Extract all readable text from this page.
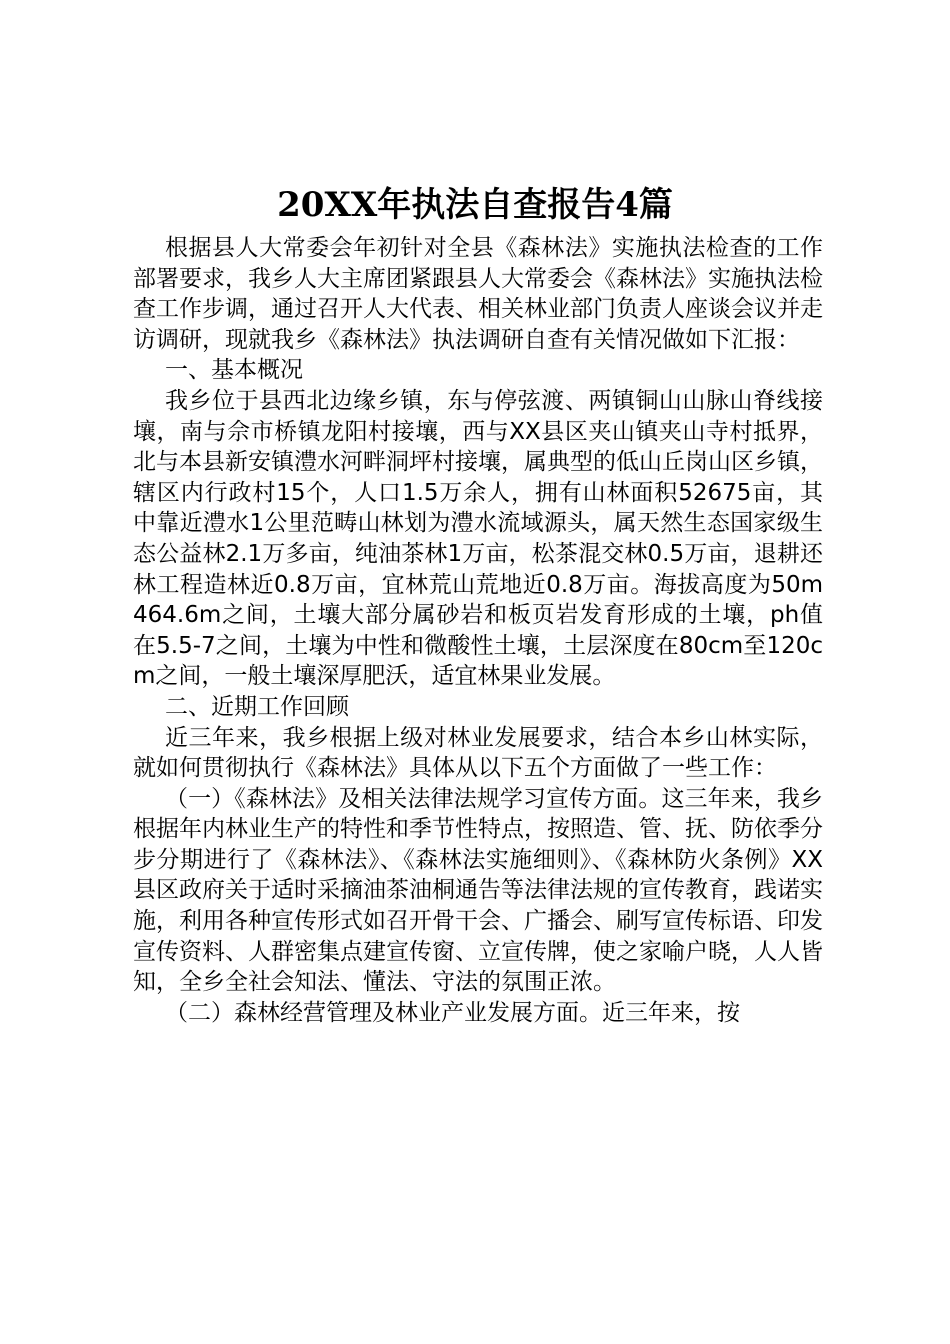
20XX年执法自查报告4篇

根据县人大常委会年初针对全县《森林法》实施执法检查的工作部署要求，我乡人大主席团紧跟县人大常委会《森林法》实施执法检查工作步调，通过召开人大代表、相关林业部门负责人座谈会议并走访调研，现就我乡《森林法》执法调研自查有关情况做如下汇报：

一、基本概况

我乡位于县西北边缘乡镇，东与停弦渡、两镇铜山山脉山脊线接壤，南与佘市桥镇龙阳村接壤，西与XX县区夹山镇夹山寺村抵界，北与本县新安镇澧水河畔洞坪村接壤，属典型的低山丘岗山区乡镇，辖区内行政村15个，人口1.5万余人，拥有山林面积52675亩，其中靠近澧水1公里范畴山林划为澧水流域源头，属天然生态国家级生态公益林2.1万多亩，纯油茶林1万亩，松茶混交林0.5万亩，退耕还林工程造林近0.8万亩，宜林荒山荒地近0.8万亩。海拔高度为50m464.6m之间，土壤大部分属砂岩和板页岩发育形成的土壤，ph值在5.5-7之间，土壤为中性和微酸性土壤，土层深度在80cm至120cm之间，一般土壤深厚肥沃，适宜林果业发展。

二、近期工作回顾

近三年来，我乡根据上级对林业发展要求，结合本乡山林实际，就如何贯彻执行《森林法》具体从以下五个方面做了一些工作：

（一）《森林法》及相关法律法规学习宣传方面。这三年来，我乡根据年内林业生产的特性和季节性特点，按照造、管、抚、防依季分步分期进行了《森林法》、《森林法实施细则》、《森林防火条例》XX县区政府关于适时采摘油茶油桐通告等法律法规的宣传教育，践诺实施，利用各种宣传形式如召开骨干会、广播会、刷写宣传标语、印发宣传资料、人群密集点建宣传窗、立宣传牌，使之家喻户晓，人人皆知，全乡全社会知法、懂法、守法的氛围正浓。

（二）森林经营管理及林业产业发展方面。近三年来，按
